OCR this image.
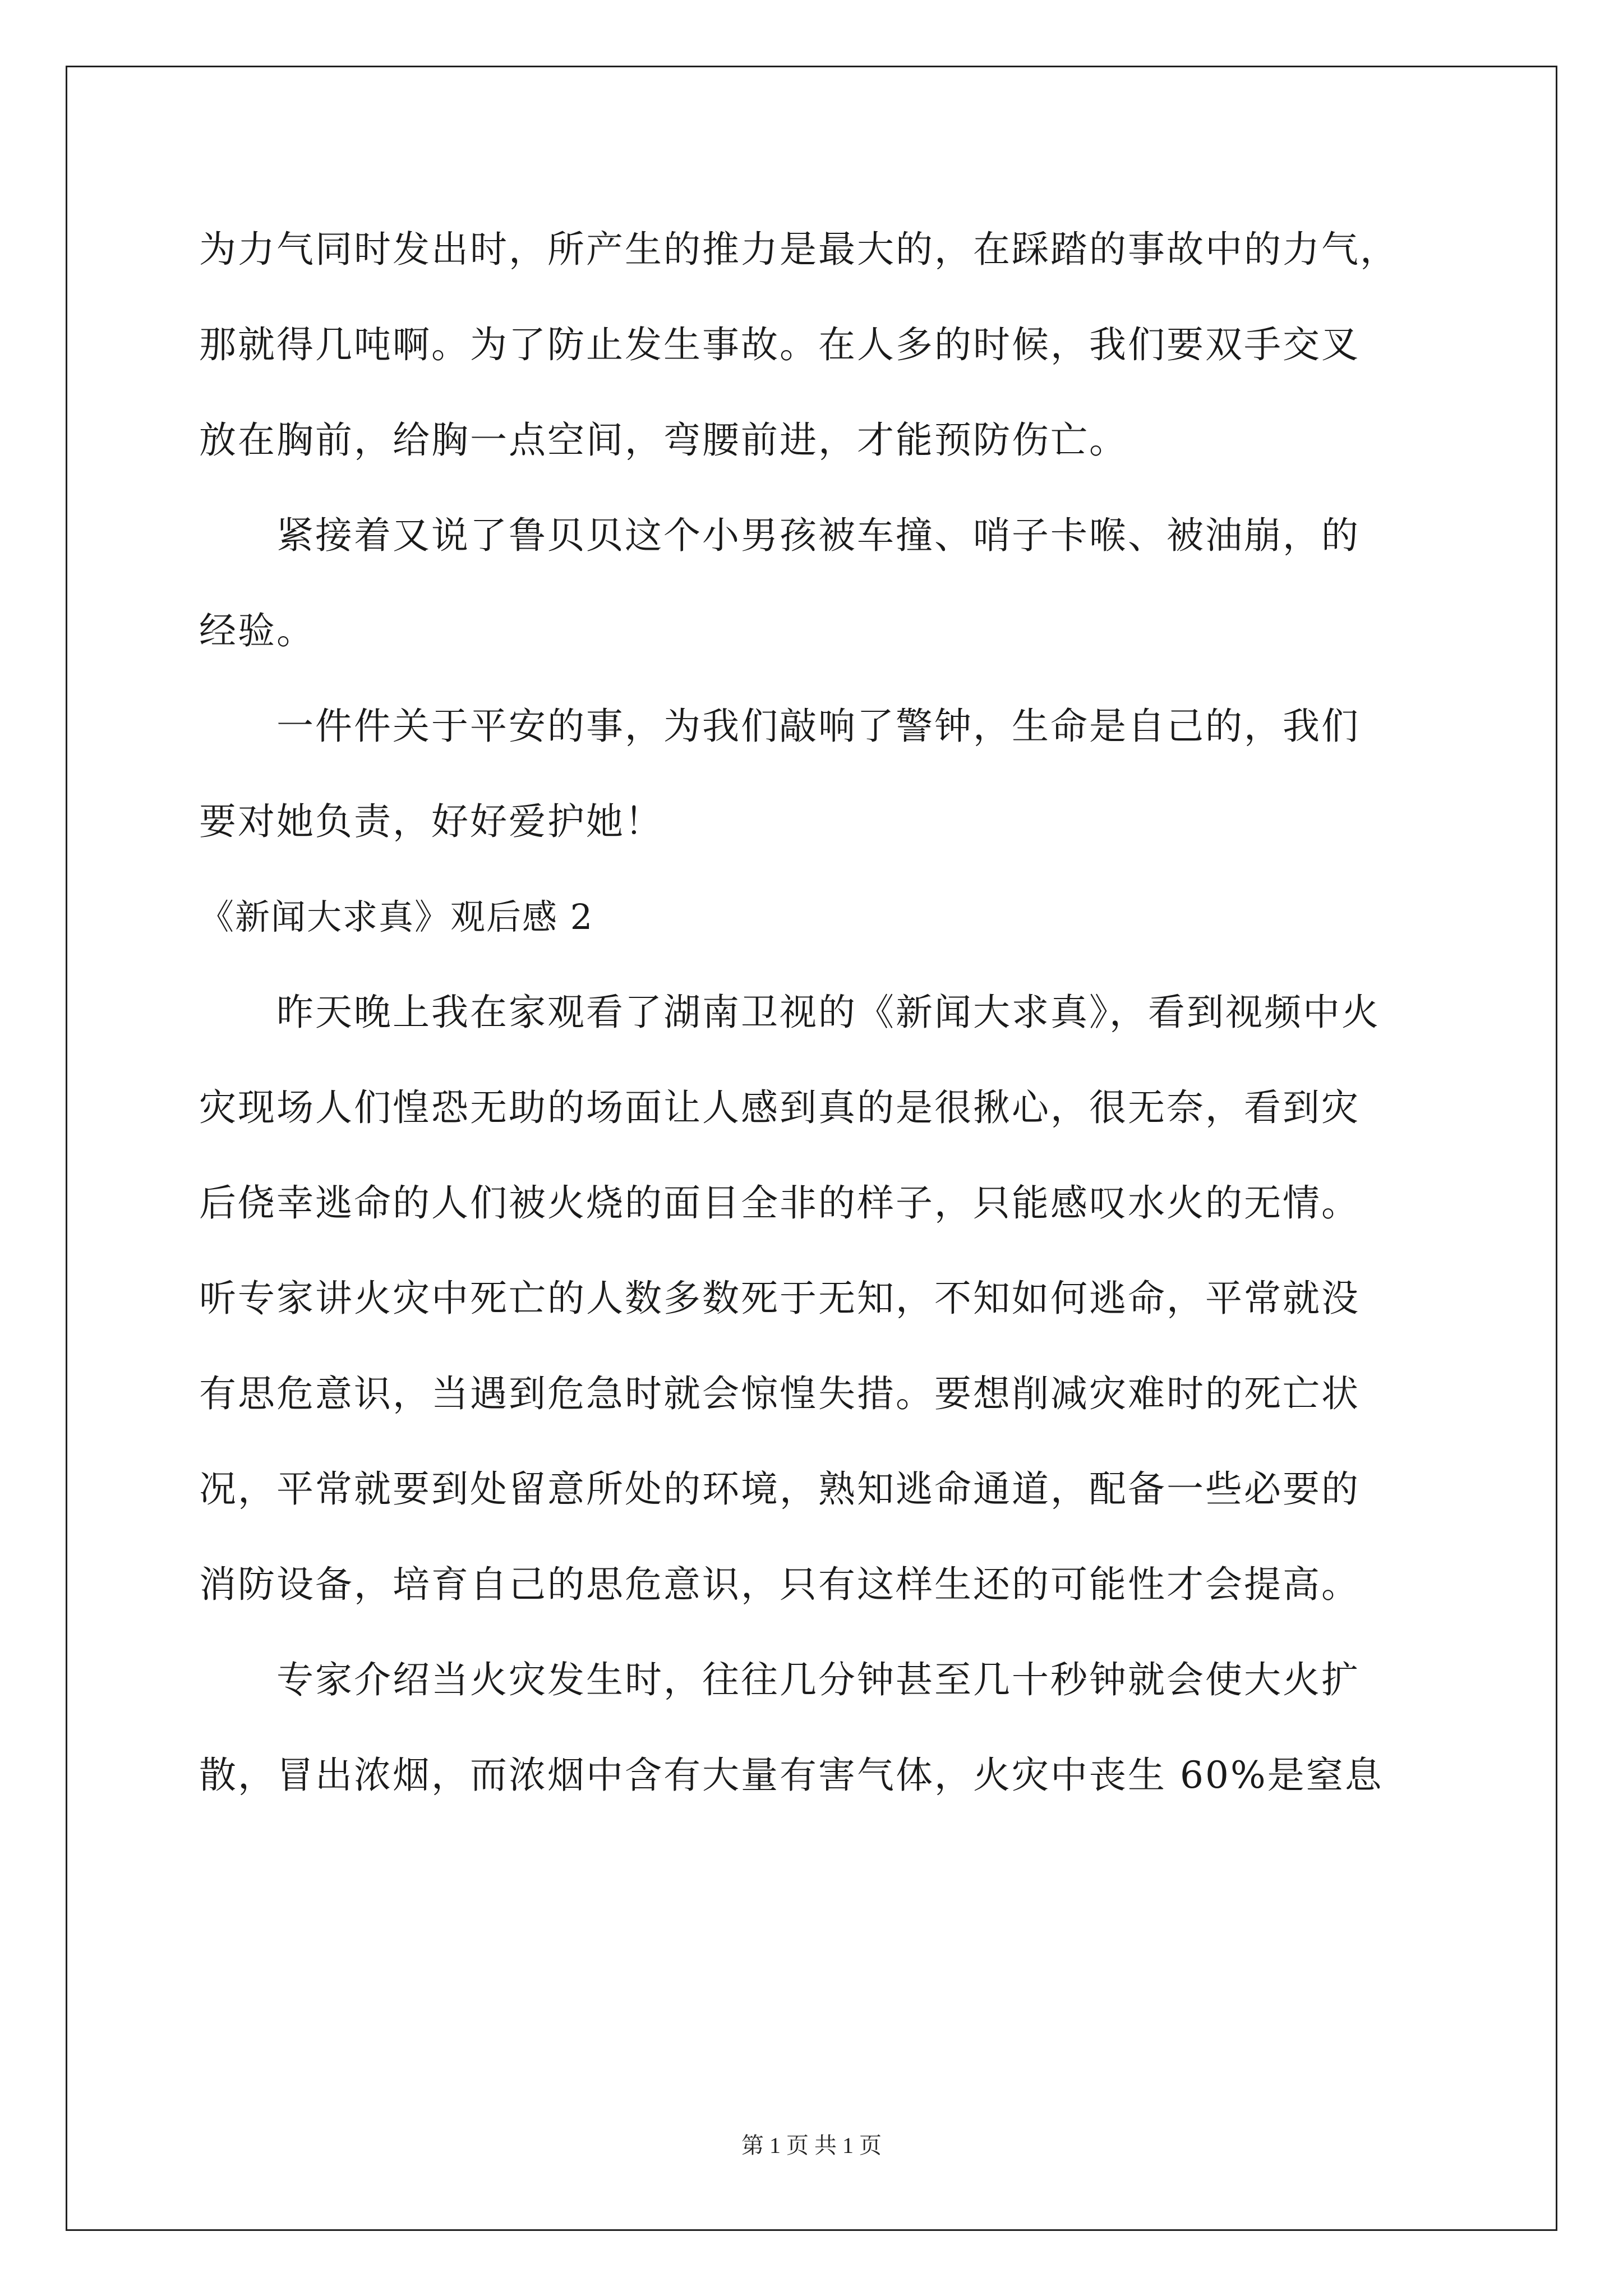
为力气同时发出时，所产生的推力是最大的，在踩踏的事故中的力气，
那就得几吨啊。为了防止发生事故。在人多的时候，我们要双手交叉
放在胸前，给胸一点空间，弯腰前进，才能预防伤亡。
紧接着又说了鲁贝贝这个小男孩被车撞、哨子卡喉、被油崩，的
经验。
一件件关于平安的事，为我们敲响了警钟，生命是自己的，我们
要对她负责，好好爱护她！
《新闻大求真》观后感 2
昨天晚上我在家观看了湖南卫视的《新闻大求真》，看到视频中火
灾现场人们惶恐无助的场面让人感到真的是很揪心，很无奈，看到灾
后侥幸逃命的人们被火烧的面目全非的样子，只能感叹水火的无情。
听专家讲火灾中死亡的人数多数死于无知，不知如何逃命，平常就没
有思危意识，当遇到危急时就会惊惶失措。要想削减灾难时的死亡状
况，平常就要到处留意所处的环境，熟知逃命通道，配备一些必要的
消防设备，培育自己的思危意识，只有这样生还的可能性才会提高。
专家介绍当火灾发生时，往往几分钟甚至几十秒钟就会使大火扩
散，冒出浓烟，而浓烟中含有大量有害气体，火灾中丧生 60%是窒息
第 1 页 共 1 页
